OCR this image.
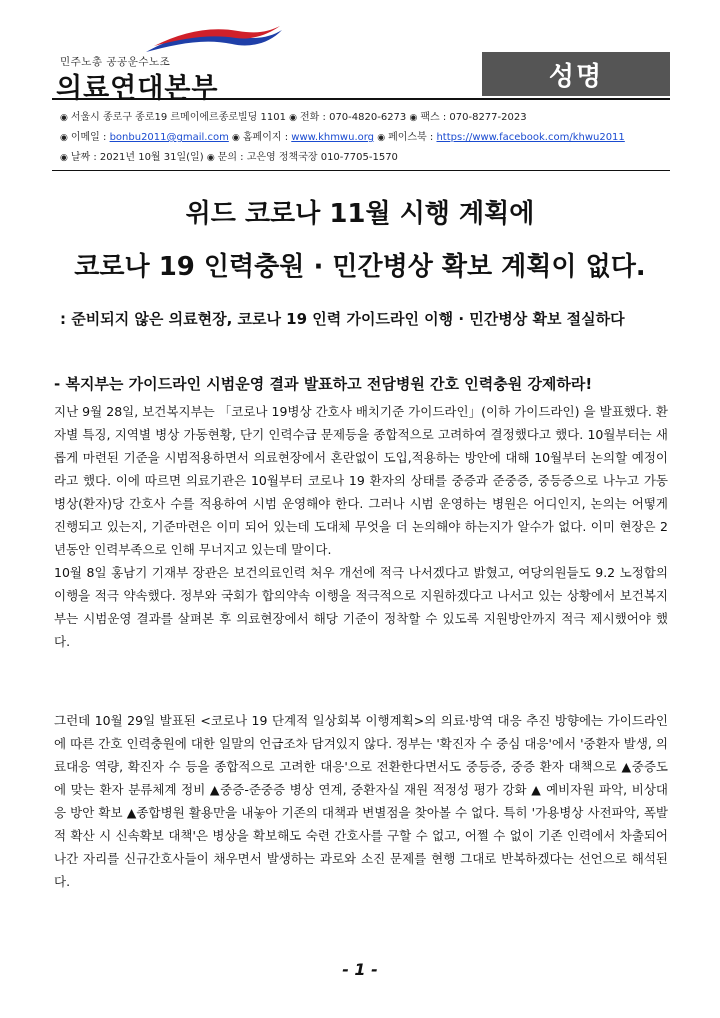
민주노총 공공운수노조
의료연대본부	성명
◉ 서울시 종로구 종로19 르메이에르종로빌딩 1101 ◉ 전화 : 070-4820-6273 ◉ 팩스 : 070-8277-2023
◉ 이메일 : bonbu2011@gmail.com ◉ 홈페이지 : www.khmwu.org ◉ 페이스북 : https://www.facebook.com/khwu2011
◉ 날짜 : 2021년 10월 31일(일) ◉ 문의 : 고은영 정책국장 010-7705-1570
위드 코로나 11월 시행 계획에
코로나 19 인력충원 · 민간병상 확보 계획이 없다.
: 준비되지 않은 의료현장, 코로나 19 인력 가이드라인 이행 · 민간병상 확보 절실하다
- 복지부는 가이드라인 시범운영 결과 발표하고 전담병원 간호 인력충원 강제하라!

지난 9월 28일, 보건복지부는 「코로나 19병상 간호사 배치기준 가이드라인」(이하 가이드라인) 을 발표했다. 환자별 특징, 지역별 병상 가동현황, 단기 인력수급 문제등을 종합적으로 고려하여 결정했다고 했다. 10월부터는 새롭게 마련된 기준을 시범적용하면서 의료현장에서 혼란없이 도입,적용하는 방안에 대해 10월부터 논의할 예정이라고 했다. 이에 따르면 의료기관은 10월부터 코로나 19 환자의 상태를 중증과 준중증, 중등증으로 나누고 가동 병상(환자)당 간호사 수를 적용하여 시범 운영해야 한다. 그러나 시범 운영하는 병원은 어디인지, 논의는 어떻게 진행되고 있는지, 기준마련은 이미 되어 있는데 도대체 무엇을 더 논의해야 하는지가 알수가 없다. 이미 현장은 2년동안 인력부족으로 인해 무너지고 있는데 말이다.

10월 8일 홍남기 기재부 장관은 보건의료인력 처우 개선에 적극 나서겠다고 밝혔고, 여당의원들도 9.2 노정합의 이행을 적극 약속했다. 정부와 국회가 합의약속 이행을 적극적으로 지원하겠다고 나서고 있는 상황에서 보건복지부는 시범운영 결과를 살펴본 후 의료현장에서 해당 기준이 정착할 수 있도록 지원방안까지 적극 제시했어야 했다.

그런데 10월 29일 발표된 <코로나 19 단계적 일상회복 이행계획>의 의료·방역 대응 추진 방향에는 가이드라인에 따른 간호 인력충원에 대한 일말의 언급조차 담겨있지 않다. 정부는 '확진자 수 중심 대응'에서 '중환자 발생, 의료대응 역량, 확진자 수 등을 종합적으로 고려한 대응'으로 전환한다면서도 중등증, 중증 환자 대책으로 ▲중증도에 맞는 환자 분류체계 정비 ▲중증-준중증 병상 연계, 중환자실 재원 적정성 평가 강화 ▲ 예비자원 파악, 비상대응 방안 확보 ▲종합병원 활용만을 내놓아 기존의 대책과 변별점을 찾아볼 수 없다. 특히 '가용병상 사전파악, 폭발적 확산 시 신속확보 대책'은 병상을 확보해도 숙련 간호사를 구할 수 없고, 어쩔 수 없이 기존 인력에서 차출되어 나간 자리를 신규간호사들이 채우면서 발생하는 과로와 소진 문제를 현행 그대로 반복하겠다는 선언으로 해석된다.

- 1 -
